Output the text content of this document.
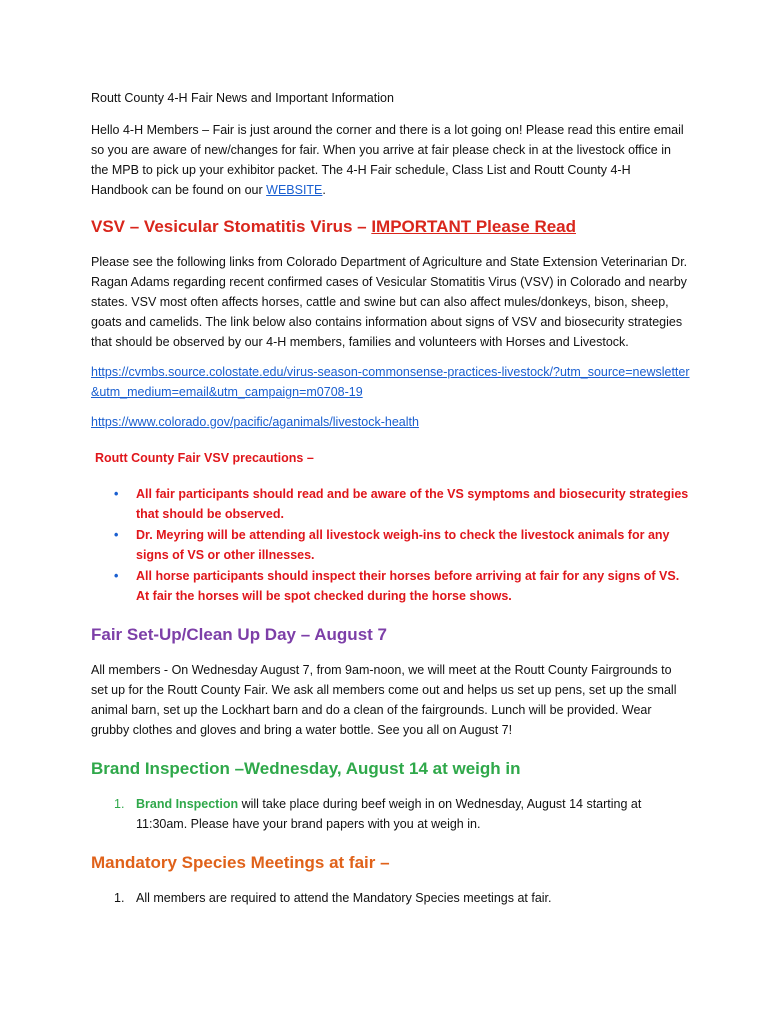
Routt County 4-H Fair News and Important Information

Hello 4-H Members – Fair is just around the corner and there is a lot going on! Please read this entire email so you are aware of new/changes for fair. When you arrive at fair please check in at the livestock office in the MPB to pick up your exhibitor packet. The 4-H Fair schedule, Class List and Routt County 4-H Handbook can be found on our WEBSITE.

VSV – Vesicular Stomatitis Virus – IMPORTANT Please Read

Please see the following links from Colorado Department of Agriculture and State Extension Veterinarian Dr. Ragan Adams regarding recent confirmed cases of Vesicular Stomatitis Virus (VSV) in Colorado and nearby states. VSV most often affects horses, cattle and swine but can also affect mules/donkeys, bison, sheep, goats and camelids. The link below also contains information about signs of VSV and biosecurity strategies that should be observed by our 4-H members, families and volunteers with Horses and Livestock.

https://cvmbs.source.colostate.edu/virus-season-commonsense-practices-livestock/?utm_source=newsletter&utm_medium=email&utm_campaign=m0708-19

https://www.colorado.gov/pacific/aganimals/livestock-health

Routt County Fair VSV precautions –

• All fair participants should read and be aware of the VS symptoms and biosecurity strategies that should be observed.
• Dr. Meyring will be attending all livestock weigh-ins to check the livestock animals for any signs of VS or other illnesses.
• All horse participants should inspect their horses before arriving at fair for any signs of VS. At fair the horses will be spot checked during the horse shows.
Fair Set-Up/Clean Up Day – August 7

All members - On Wednesday August 7, from 9am-noon, we will meet at the Routt County Fairgrounds to set up for the Routt County Fair. We ask all members come out and helps us set up pens, set up the small animal barn, set up the Lockhart barn and do a clean of the fairgrounds. Lunch will be provided. Wear grubby clothes and gloves and bring a water bottle. See you all on August 7!

Brand Inspection –Wednesday, August 14 at weigh in
1. Brand Inspection will take place during beef weigh in on Wednesday, August 14 starting at 11:30am. Please have your brand papers with you at weigh in.
Mandatory Species Meetings at fair –
1. All members are required to attend the Mandatory Species meetings at fair.
